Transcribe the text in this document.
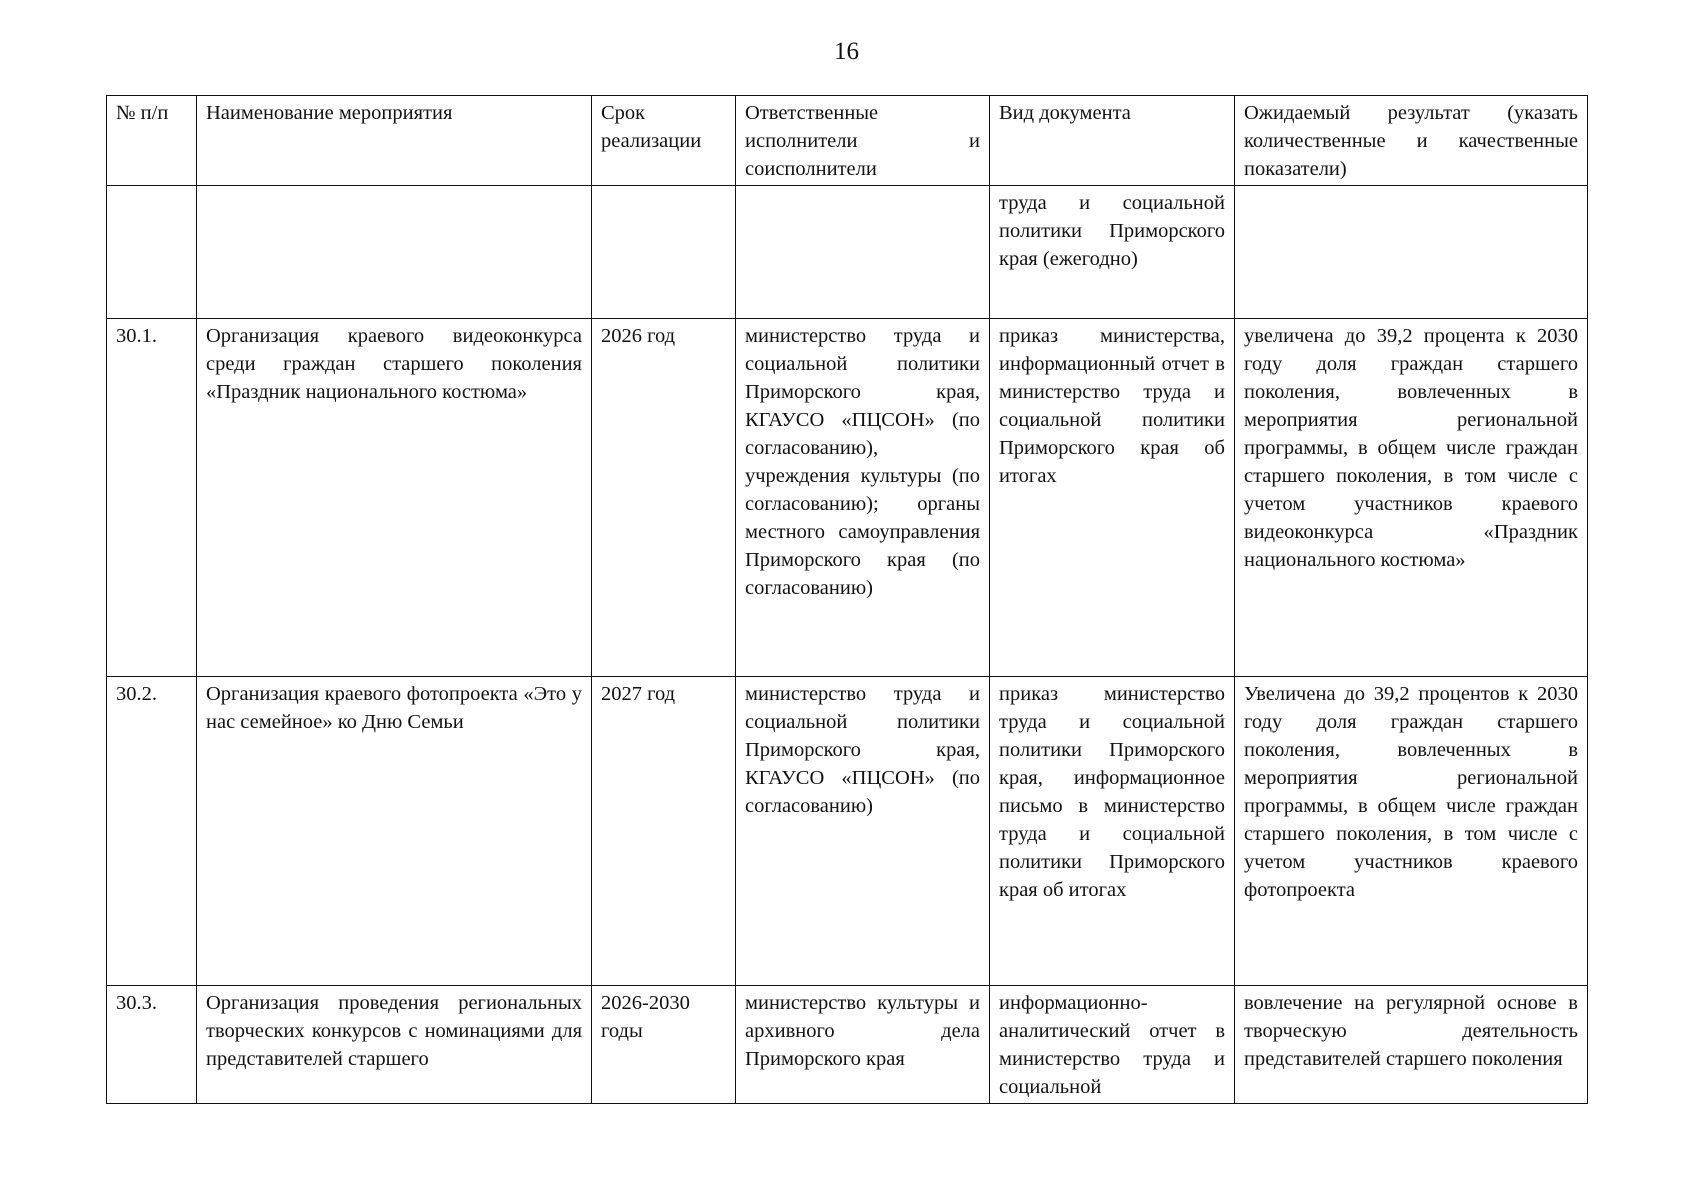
16
№ п/п	Наименование мероприятия	Срок реализации	Ответственные исполнители и соисполнители	Вид документа	Ожидаемый результат (указать количественные и качественные показатели)
				труда и социальной политики Приморского края (ежегодно)	
30.1.	Организация краевого видеоконкурса среди граждан старшего поколения «Праздник национального костюма»	2026 год	министерство труда и социальной политики Приморского края, КГАУСО «ПЦСОН» (по согласованию), учреждения культуры (по согласованию); органы местного самоуправления Приморского края (по согласованию)	приказ министерства, информационный отчет в министерство труда и социальной политики Приморского края об итогах	увеличена до 39,2 процента к 2030 году доля граждан старшего поколения, вовлеченных в мероприятия региональной программы, в общем числе граждан старшего поколения, в том числе с учетом участников краевого видеоконкурса «Праздник национального костюма»
30.2.	Организация краевого фотопроекта «Это у нас семейное» ко Дню Семьи	2027 год	министерство труда и социальной политики Приморского края, КГАУСО «ПЦСОН» (по согласованию)	приказ министерство труда и социальной политики Приморского края, информационное письмо в министерство труда и социальной политики Приморского края об итогах	Увеличена до 39,2 процентов к 2030 году доля граждан старшего поколения, вовлеченных в мероприятия региональной программы, в общем числе граждан старшего поколения, в том числе с учетом участников краевого фотопроекта
30.3.	Организация проведения региональных творческих конкурсов с номинациями для представителей старшего	2026-2030 годы	министерство культуры и архивного дела Приморского края	информационно-аналитический отчет в министерство труда и социальной	вовлечение на регулярной основе в творческую деятельность представителей старшего поколения
